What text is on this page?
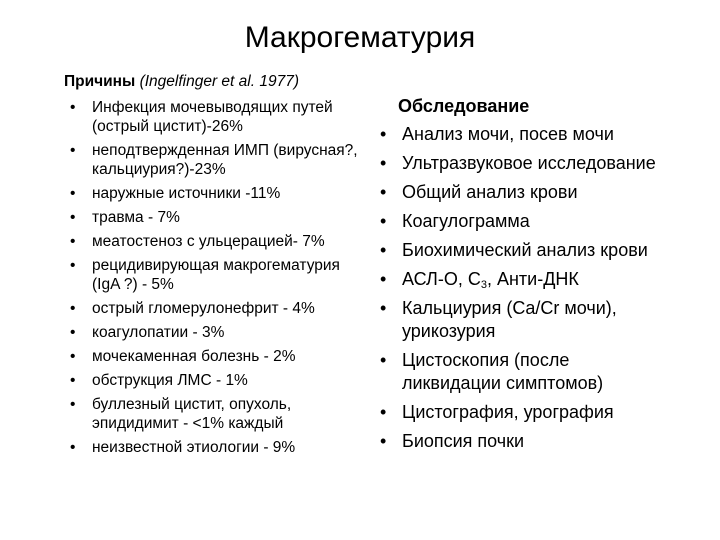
Макрогематурия
Причины (Ingelfinger et al. 1977)
• Инфекция мочевыводящих путей (острый цистит)-26%
• неподтвержденная ИМП (вирусная?, кальциурия?)-23%
• наружные источники -11%
• травма - 7%
• меатостеноз с ульцерацией- 7%
• рецидивирующая макрогематурия (IgA ?) - 5%
• острый гломерулонефрит - 4%
• коагулопатии - 3%
• мочекаменная болезнь - 2%
• обструкция ЛМС - 1%
• буллезный цистит, опухоль, эпидидимит - <1% каждый
• неизвестной этиологии - 9%
Обследование
• Анализ мочи, посев мочи
• Ультразвуковое исследование
• Общий анализ крови
• Коагулограмма
• Биохимический анализ крови
• АСЛ-О, $С_3$, Анти-ДНК
• Кальциурия (Ca/Cr мочи), урикозурия
• Цистоскопия (после ликвидации симптомов)
• Цистография, урография
• Биопсия почки
